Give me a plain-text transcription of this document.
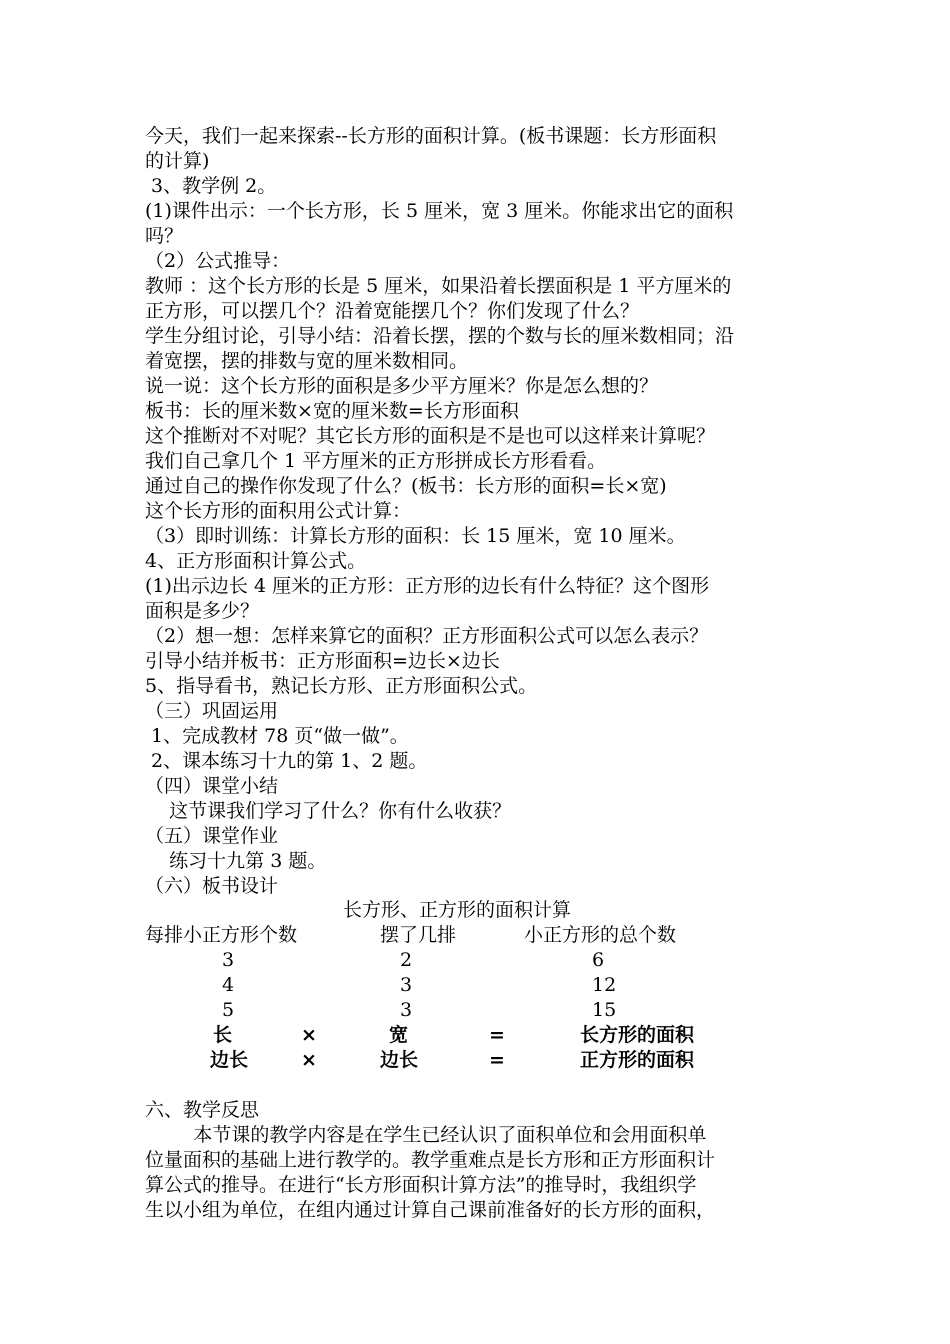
今天，我们一起来探索--长方形的面积计算。(板书课题：长方形面积
的计算)
3、教学例 2。
(1)课件出示：一个长方形，长 5 厘米，宽 3 厘米。你能求出它的面积
吗？
（2）公式推导：
教师 ：这个长方形的长是 5 厘米，如果沿着长摆面积是 1 平方厘米的
正方形，可以摆几个？沿着宽能摆几个？你们发现了什么？
学生分组讨论，引导小结：沿着长摆，摆的个数与长的厘米数相同；沿
着宽摆，摆的排数与宽的厘米数相同。
说一说：这个长方形的面积是多少平方厘米？你是怎么想的？
板书：长的厘米数×宽的厘米数=长方形面积
这个推断对不对呢？其它长方形的面积是不是也可以这样来计算呢？
我们自己拿几个 1 平方厘米的正方形拼成长方形看看。
通过自己的操作你发现了什么？(板书：长方形的面积=长×宽)
这个长方形的面积用公式计算：
（3）即时训练：计算长方形的面积：长 15 厘米，宽 10 厘米。
4、正方形面积计算公式。
(1)出示边长 4 厘米的正方形：正方形的边长有什么特征？这个图形
面积是多少？
（2）想一想：怎样来算它的面积？正方形面积公式可以怎么表示？
引导小结并板书：正方形面积=边长×边长
5、指导看书，熟记长方形、正方形面积公式。
（三）巩固运用
1、完成教材 78 页“做一做”。
2、课本练习十九的第 1、2 题。
（四）课堂小结
这节课我们学习了什么？你有什么收获？
（五）课堂作业
练习十九第 3 题。
（六）板书设计
长方形、正方形的面积计算
每排小正方形个数	摆了几排	小正方形的总个数
3	2	6
4	3	12
5	3	15
长	×	宽	=	长方形的面积
边长	×	边长	=	正方形的面积
六、教学反思
本节课的教学内容是在学生已经认识了面积单位和会用面积单
位量面积的基础上进行教学的。教学重难点是长方形和正方形面积计
算公式的推导。在进行“长方形面积计算方法”的推导时，我组织学
生以小组为单位，在组内通过计算自己课前准备好的长方形的面积，
